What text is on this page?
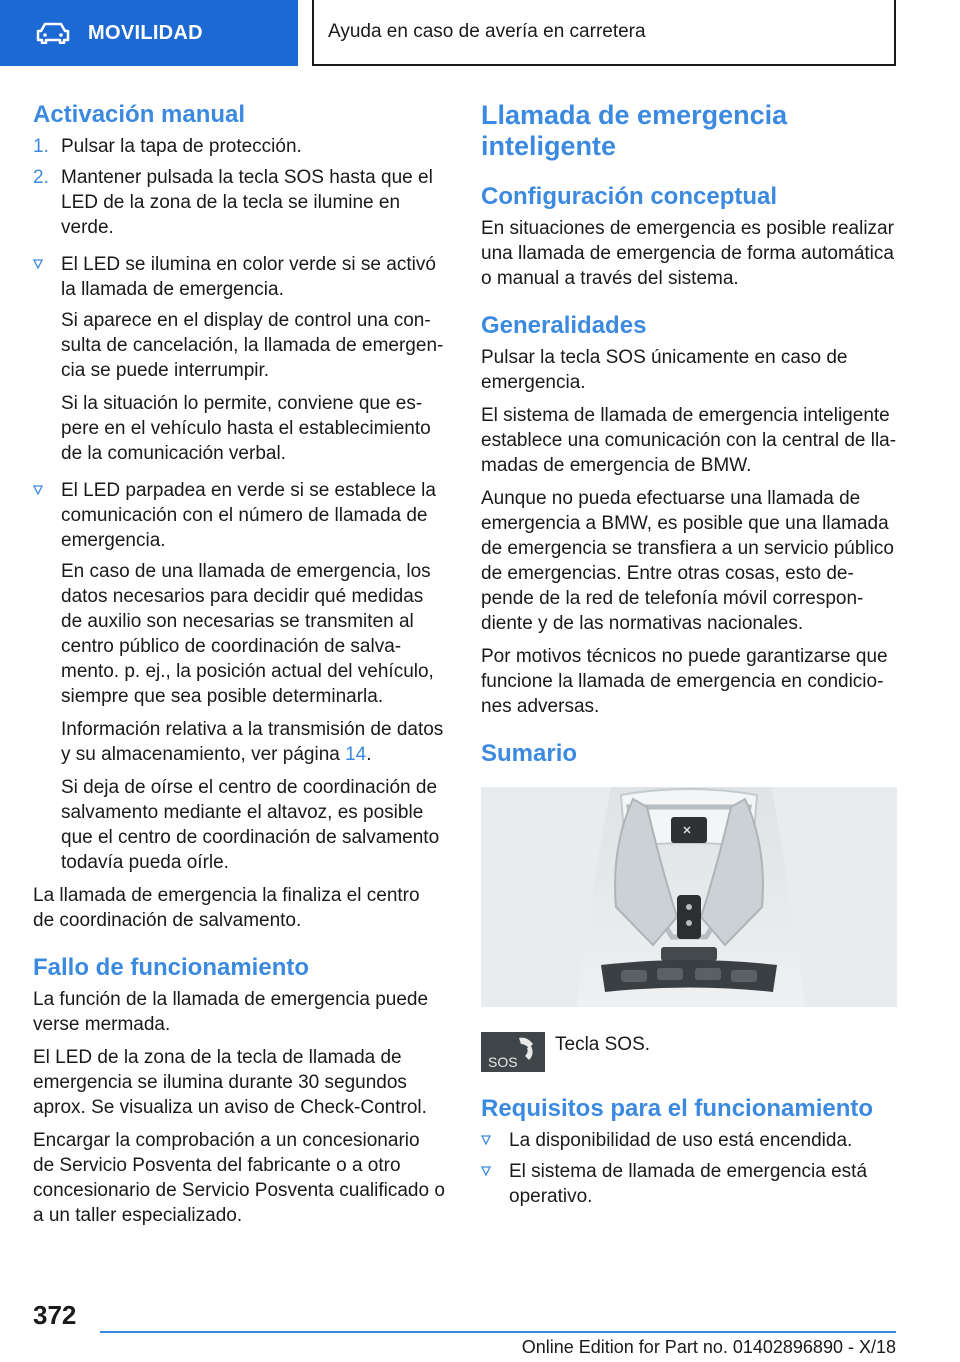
MOVILIDAD	Ayuda en caso de avería en carretera
Activación manual
1. Pulsar la tapa de protección.
2. Mantener pulsada la tecla SOS hasta que el LED de la zona de la tecla se ilumine en verde.
El LED se ilumina en color verde si se activó la llamada de emergencia.

Si aparece en el display de control una consulta de cancelación, la llamada de emergencia se puede interrumpir.

Si la situación lo permite, conviene que espere en el vehículo hasta el establecimiento de la comunicación verbal.

El LED parpadea en verde si se establece la comunicación con el número de llamada de emergencia.

En caso de una llamada de emergencia, los datos necesarios para decidir qué medidas de auxilio son necesarias se transmiten al centro público de coordinación de salvamento. p. ej., la posición actual del vehículo, siempre que sea posible determinarla.

Información relativa a la transmisión de datos y su almacenamiento, ver página 14.

Si deja de oírse el centro de coordinación de salvamento mediante el altavoz, es posible que el centro de coordinación de salvamento todavía pueda oírle.

La llamada de emergencia la finaliza el centro de coordinación de salvamento.

Fallo de funcionamiento

La función de la llamada de emergencia puede verse mermada.

El LED de la zona de la tecla de llamada de emergencia se ilumina durante 30 segundos aprox. Se visualiza un aviso de Check-Control.

Encargar la comprobación a un concesionario de Servicio Posventa del fabricante o a otro concesionario de Servicio Posventa cualificado o a un taller especializado.

Llamada de emergencia inteligente
Configuración conceptual

En situaciones de emergencia es posible realizar una llamada de emergencia de forma automática o manual a través del sistema.

Generalidades

Pulsar la tecla SOS únicamente en caso de emergencia.

El sistema de llamada de emergencia inteligente establece una comunicación con la central de llamadas de emergencia de BMW.

Aunque no pueda efectuarse una llamada de emergencia a BMW, es posible que una llamada de emergencia se transfiera a un servicio público de emergencias. Entre otras cosas, esto depende de la red de telefonía móvil correspondiente y de las normativas nacionales.

Por motivos técnicos no puede garantizarse que funcione la llamada de emergencia en condiciones adversas.

Sumario
SOS

Tecla SOS.

Requisitos para el funcionamiento
La disponibilidad de uso está encendida.
El sistema de llamada de emergencia está operativo.
372
Online Edition for Part no. 01402896890 - X/18
